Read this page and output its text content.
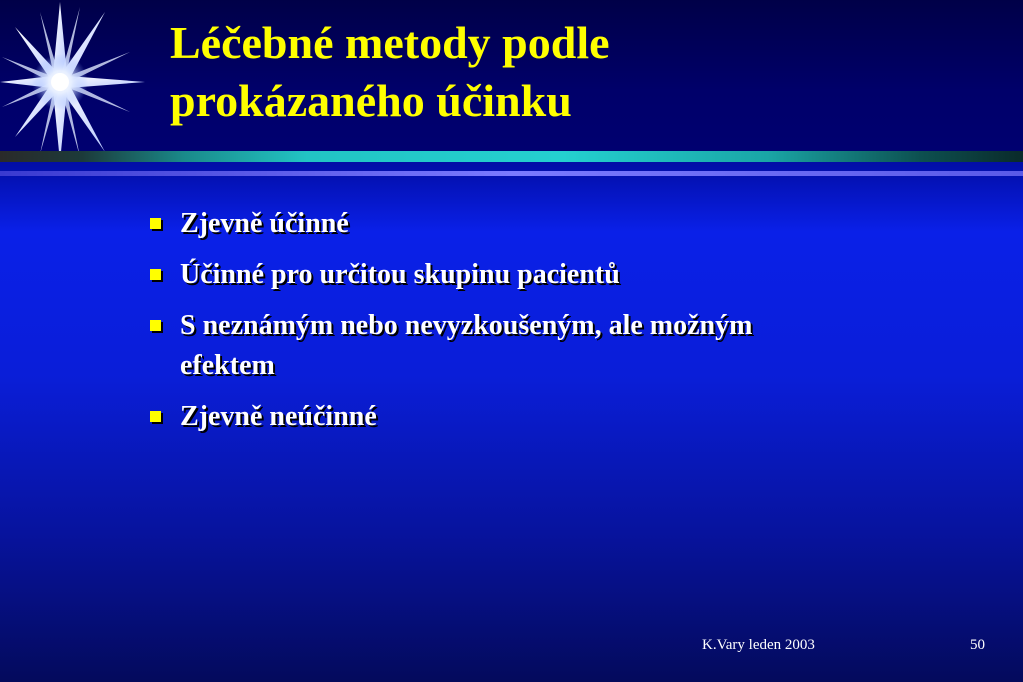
Léčebné metody podle
prokázaného účinku
Zjevně účinné
Účinné pro určitou skupinu pacientů
S neznámým nebo nevyzkoušeným, ale možným efektem
Zjevně neúčinné
K.Vary leden 2003	50
